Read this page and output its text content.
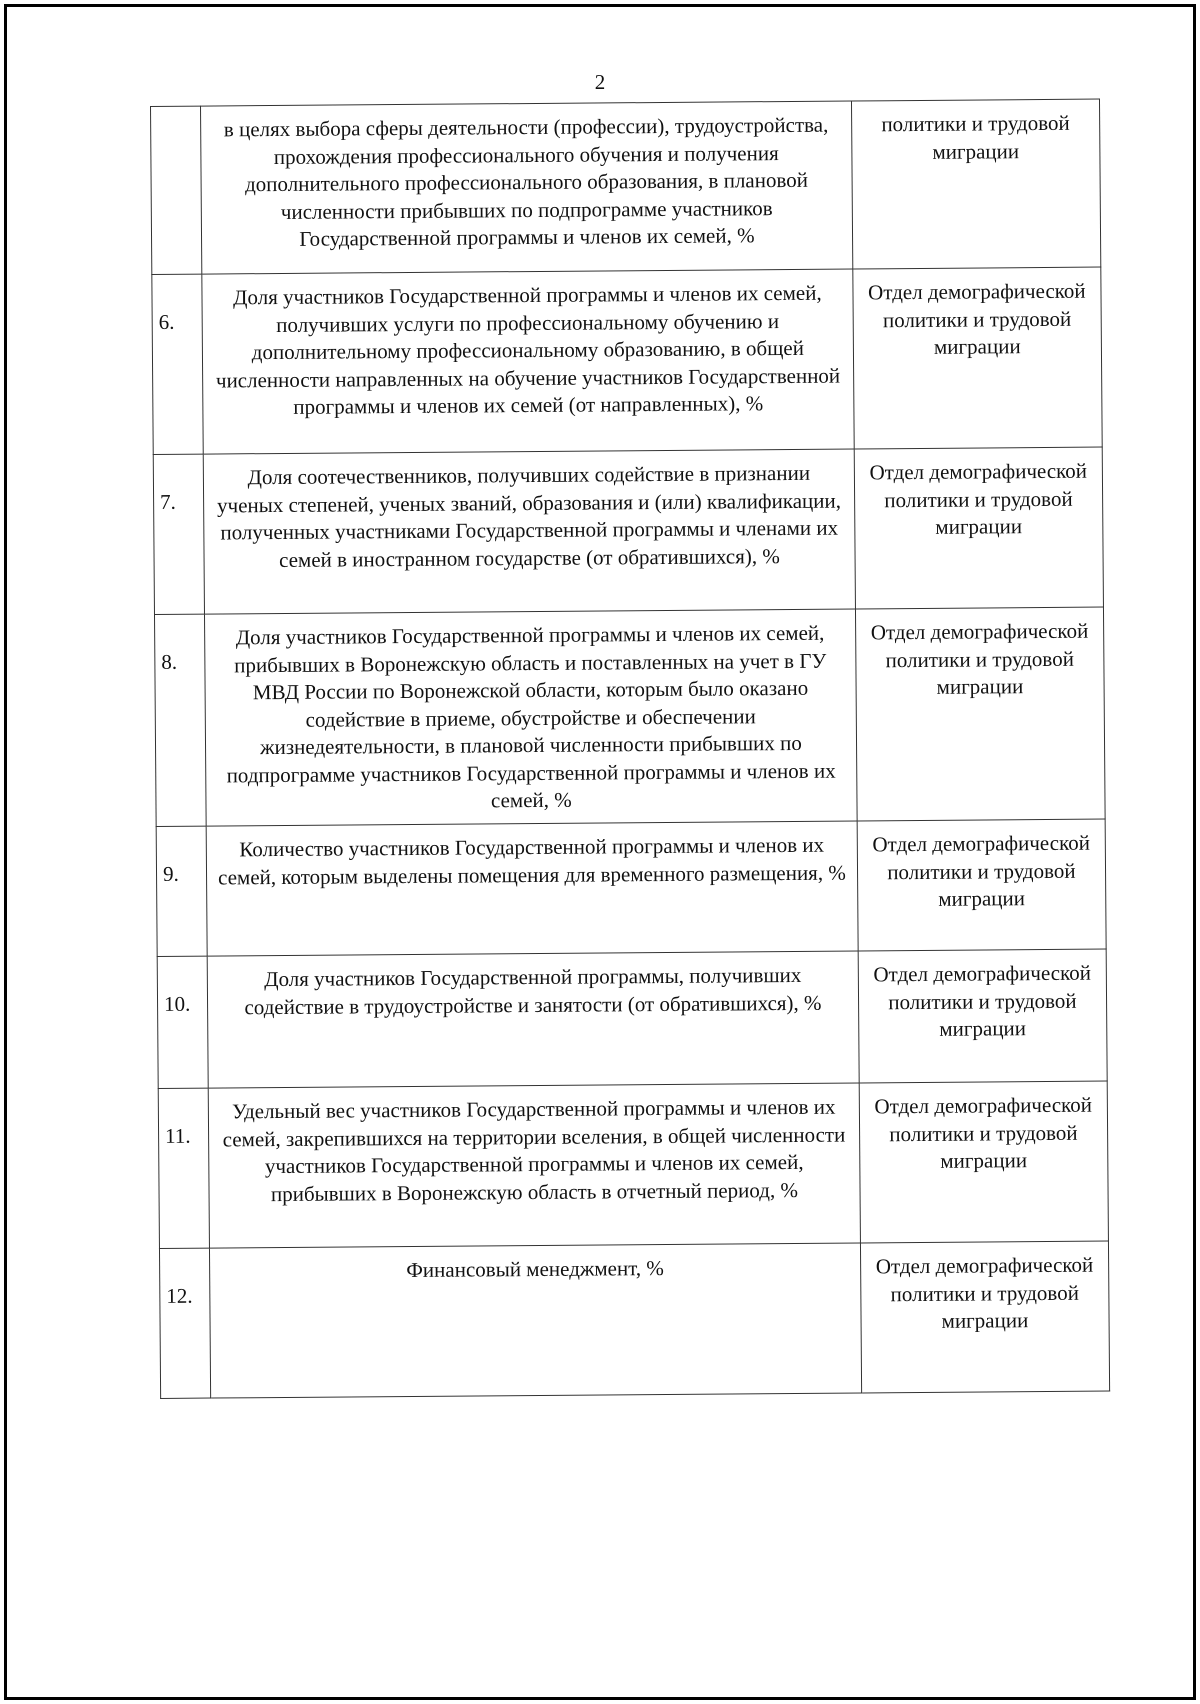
2
	в целях выбора сферы деятельности (профессии), трудоустройства, прохождения профессионального обучения и получения дополнительного профессионального образования, в плановой численности прибывших по подпрограмме участников Государственной программы и членов их семей, %	политики и трудовой миграции
6.	Доля участников Государственной программы и членов их семей, получивших услуги по профессиональному обучению и дополнительному профессиональному образованию, в общей численности направленных на обучение участников Государственной программы и членов их семей (от направленных), %	Отдел демографической политики и трудовой миграции
7.	Доля соотечественников, получивших содействие в признании ученых степеней, ученых званий, образования и (или) квалификации, полученных участниками Государственной программы и членами их семей в иностранном государстве (от обратившихся), %	Отдел демографической политики и трудовой миграции
8.	Доля участников Государственной программы и членов их семей, прибывших в Воронежскую область и поставленных на учет в ГУ МВД России по Воронежской области, которым было оказано содействие в приеме, обустройстве и обеспечении жизнедеятельности, в плановой численности прибывших по подпрограмме участников Государственной программы и членов их семей, %	Отдел демографической политики и трудовой миграции
9.	Количество участников Государственной программы и членов их семей, которым выделены помещения для временного размещения, %	Отдел демографической политики и трудовой миграции
10.	Доля участников Государственной программы, получивших содействие в трудоустройстве и занятости (от обратившихся), %	Отдел демографической политики и трудовой миграции
11.	Удельный вес участников Государственной программы и членов их семей, закрепившихся на территории вселения, в общей численности участников Государственной программы и членов их семей, прибывших в Воронежскую область в отчетный период, %	Отдел демографической политики и трудовой миграции
12.	Финансовый менеджмент, %	Отдел демографической политики и трудовой миграции
